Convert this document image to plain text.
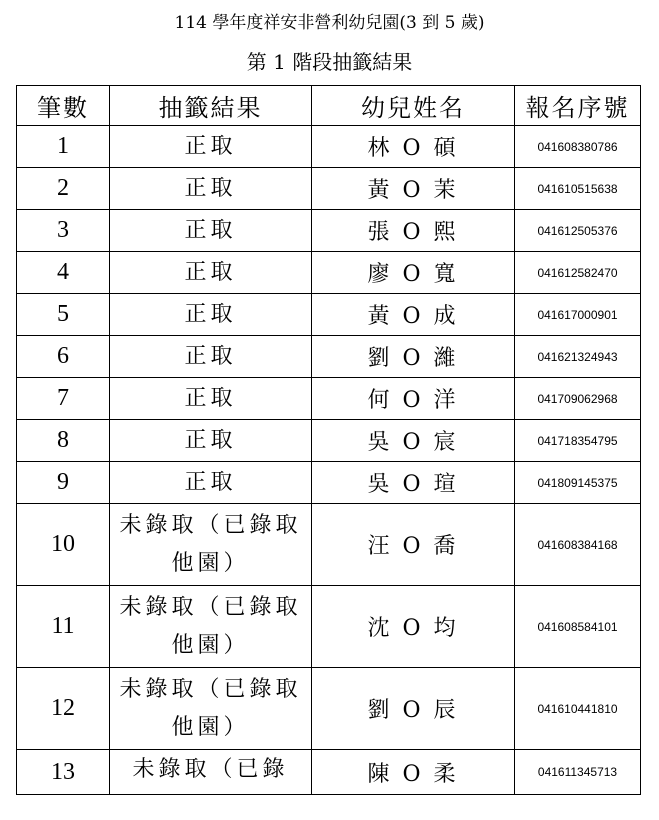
114 學年度祥安非營利幼兒園(3 到 5 歲)
第 1 階段抽籤結果
筆數	抽籤結果	幼兒姓名	報名序號
1	正取	林 O 碩	041608380786
2	正取	黃 O 茉	041610515638
3	正取	張 O 熙	041612505376
4	正取	廖 O 寬	041612582470
5	正取	黃 O 成	041617000901
6	正取	劉 O 濰	041621324943
7	正取	何 O 洋	041709062968
8	正取	吳 O 宸	041718354795
9	正取	吳 O 瑄	041809145375
10	未錄取（已錄取他園）	汪 O 喬	041608384168
11	未錄取（已錄取他園）	沈 O 均	041608584101
12	未錄取（已錄取他園）	劉 O 辰	041610441810
13	未錄取（已錄	陳 O 柔	041611345713
